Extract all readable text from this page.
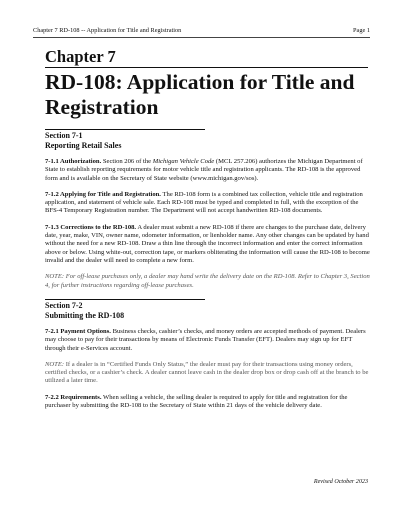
Chapter 7 RD-108 -- Application for Title and Registration	Page 1
Chapter 7
RD-108: Application for Title and Registration
Section 7-1
Reporting Retail Sales

7-1.1 Authorization. Section 206 of the Michigan Vehicle Code (MCL 257.206) authorizes the Michigan Department of State to establish reporting requirements for motor vehicle title and registration applicants. The RD-108 is the approved form and is available on the Secretary of State website (www.michigan.gov/sos).

7-1.2 Applying for Title and Registration. The RD-108 form is a combined tax collection, vehicle title and registration application, and statement of vehicle sale. Each RD-108 must be typed and completed in full, with the exception of the BFS-4 Temporary Registration number. The Department will not accept handwritten RD-108 documents.

7-1.3 Corrections to the RD-108. A dealer must submit a new RD-108 if there are changes to the purchase date, delivery date, year, make, VIN, owner name, odometer information, or lienholder name. Any other changes can be updated by hand without the need for a new RD-108. Draw a thin line through the incorrect information and enter the correct information above or below. Using white-out, correction tape, or markers obliterating the information will cause the RD-108 to become invalid and the dealer will need to complete a new form.

NOTE: For off-lease purchases only, a dealer may hand write the delivery date on the RD-108. Refer to Chapter 3, Section 4, for further instructions regarding off-lease purchases.

Section 7-2
Submitting the RD-108

7-2.1 Payment Options. Business checks, cashier’s checks, and money orders are accepted methods of payment. Dealers may choose to pay for their transactions by means of Electronic Funds Transfer (EFT). Dealers may sign up for EFT through their e-Services account.

NOTE: If a dealer is in “Certified Funds Only Status,” the dealer must pay for their transactions using money orders, certified checks, or a cashier’s check. A dealer cannot leave cash in the dealer drop box or drop cash off at the branch to be utilized a later time.

7-2.2 Requirements. When selling a vehicle, the selling dealer is required to apply for title and registration for the purchaser by submitting the RD-108 to the Secretary of State within 21 days of the vehicle delivery date.

Revised October 2023
